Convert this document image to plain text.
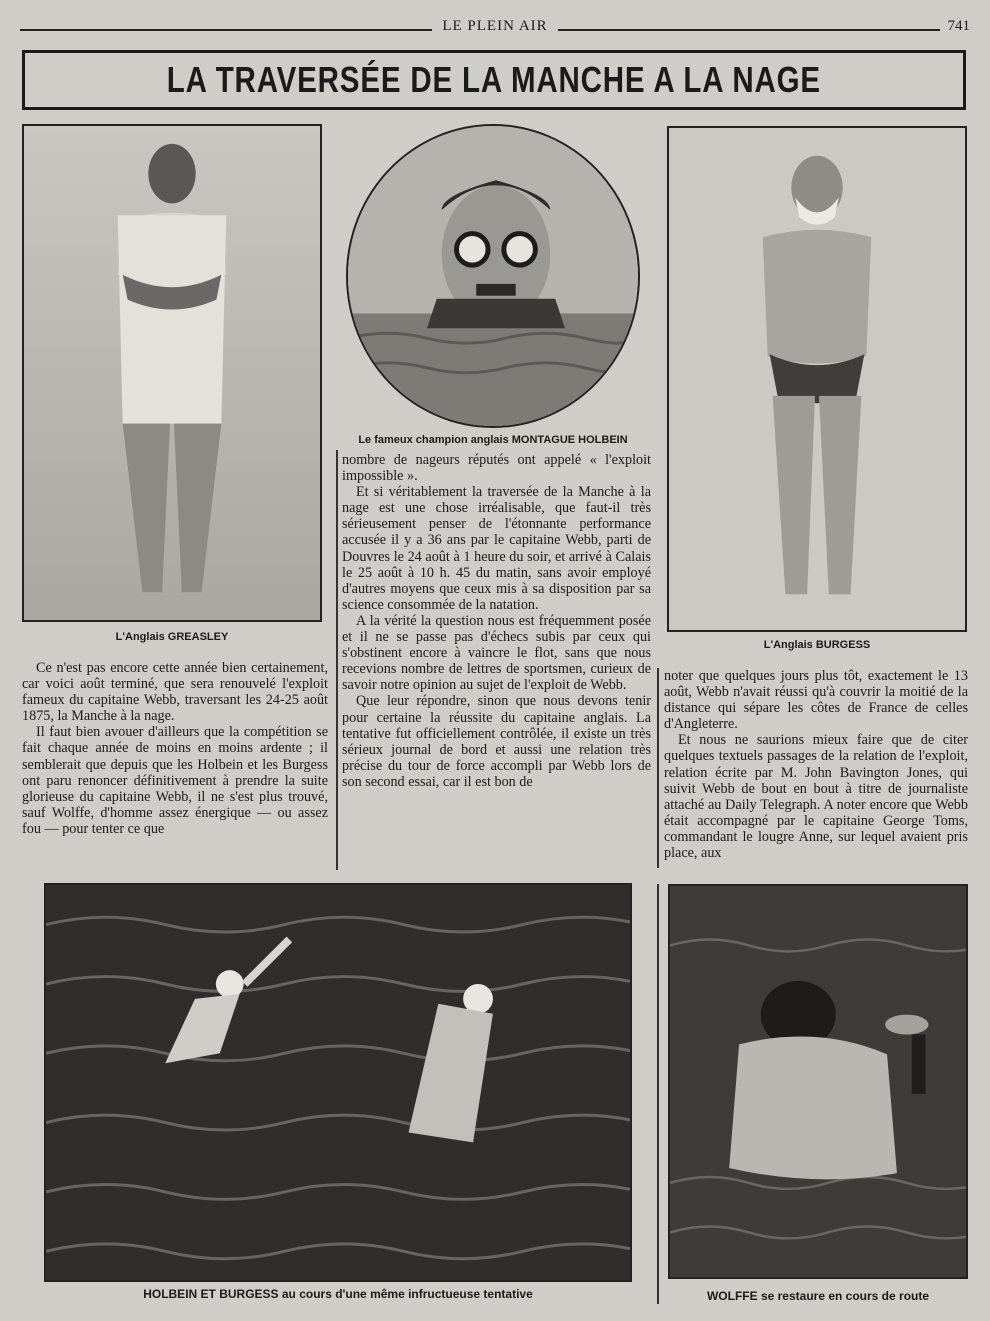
LE PLEIN AIR	741
LA TRAVERSÉE DE LA MANCHE A LA NAGE
L'Anglais GREASLEY
Le fameux champion anglais MONTAGUE HOLBEIN
L'Anglais BURGESS

Ce n'est pas encore cette année bien certainement, car voici août terminé, que sera renouvelé l'exploit fameux du capitaine Webb, traversant les 24-25 août 1875, la Manche à la nage.

Il faut bien avouer d'ailleurs que la compétition se fait chaque année de moins en moins ardente ; il semblerait que depuis que les Holbein et les Burgess ont paru renoncer définitivement à prendre la suite glorieuse du capitaine Webb, il ne s'est plus trouvé, sauf Wolffe, d'homme assez énergique — ou assez fou — pour tenter ce que

nombre de nageurs réputés ont appelé « l'exploit impossible ».

Et si véritablement la traversée de la Manche à la nage est une chose irréalisable, que faut-il très sérieusement penser de l'étonnante performance accusée il y a 36 ans par le capitaine Webb, parti de Douvres le 24 août à 1 heure du soir, et arrivé à Calais le 25 août à 10 h. 45 du matin, sans avoir employé d'autres moyens que ceux mis à sa disposition par sa science consommée de la natation.

A la vérité la question nous est fréquemment posée et il ne se passe pas d'échecs subis par ceux qui s'obstinent encore à vaincre le flot, sans que nous recevions nombre de lettres de sportsmen, curieux de savoir notre opinion au sujet de l'exploit de Webb.

Que leur répondre, sinon que nous devons tenir pour certaine la réussite du capitaine anglais. La tentative fut officiellement contrôlée, il existe un très sérieux journal de bord et aussi une relation très précise du tour de force accompli par Webb lors de son second essai, car il est bon de

noter que quelques jours plus tôt, exactement le 13 août, Webb n'avait réussi qu'à couvrir la moitié de la distance qui sépare les côtes de France de celles d'Angleterre.

Et nous ne saurions mieux faire que de citer quelques textuels passages de la relation de l'exploit, relation écrite par M. John Bavington Jones, qui suivit Webb de bout en bout à titre de journaliste attaché au Daily Telegraph. A noter encore que Webb était accompagné par le capitaine George Toms, commandant le lougre Anne, sur lequel avaient pris place, aux

HOLBEIN ET BURGESS au cours d'une même infructueuse tentative	WOLFFE se restaure en cours de route
